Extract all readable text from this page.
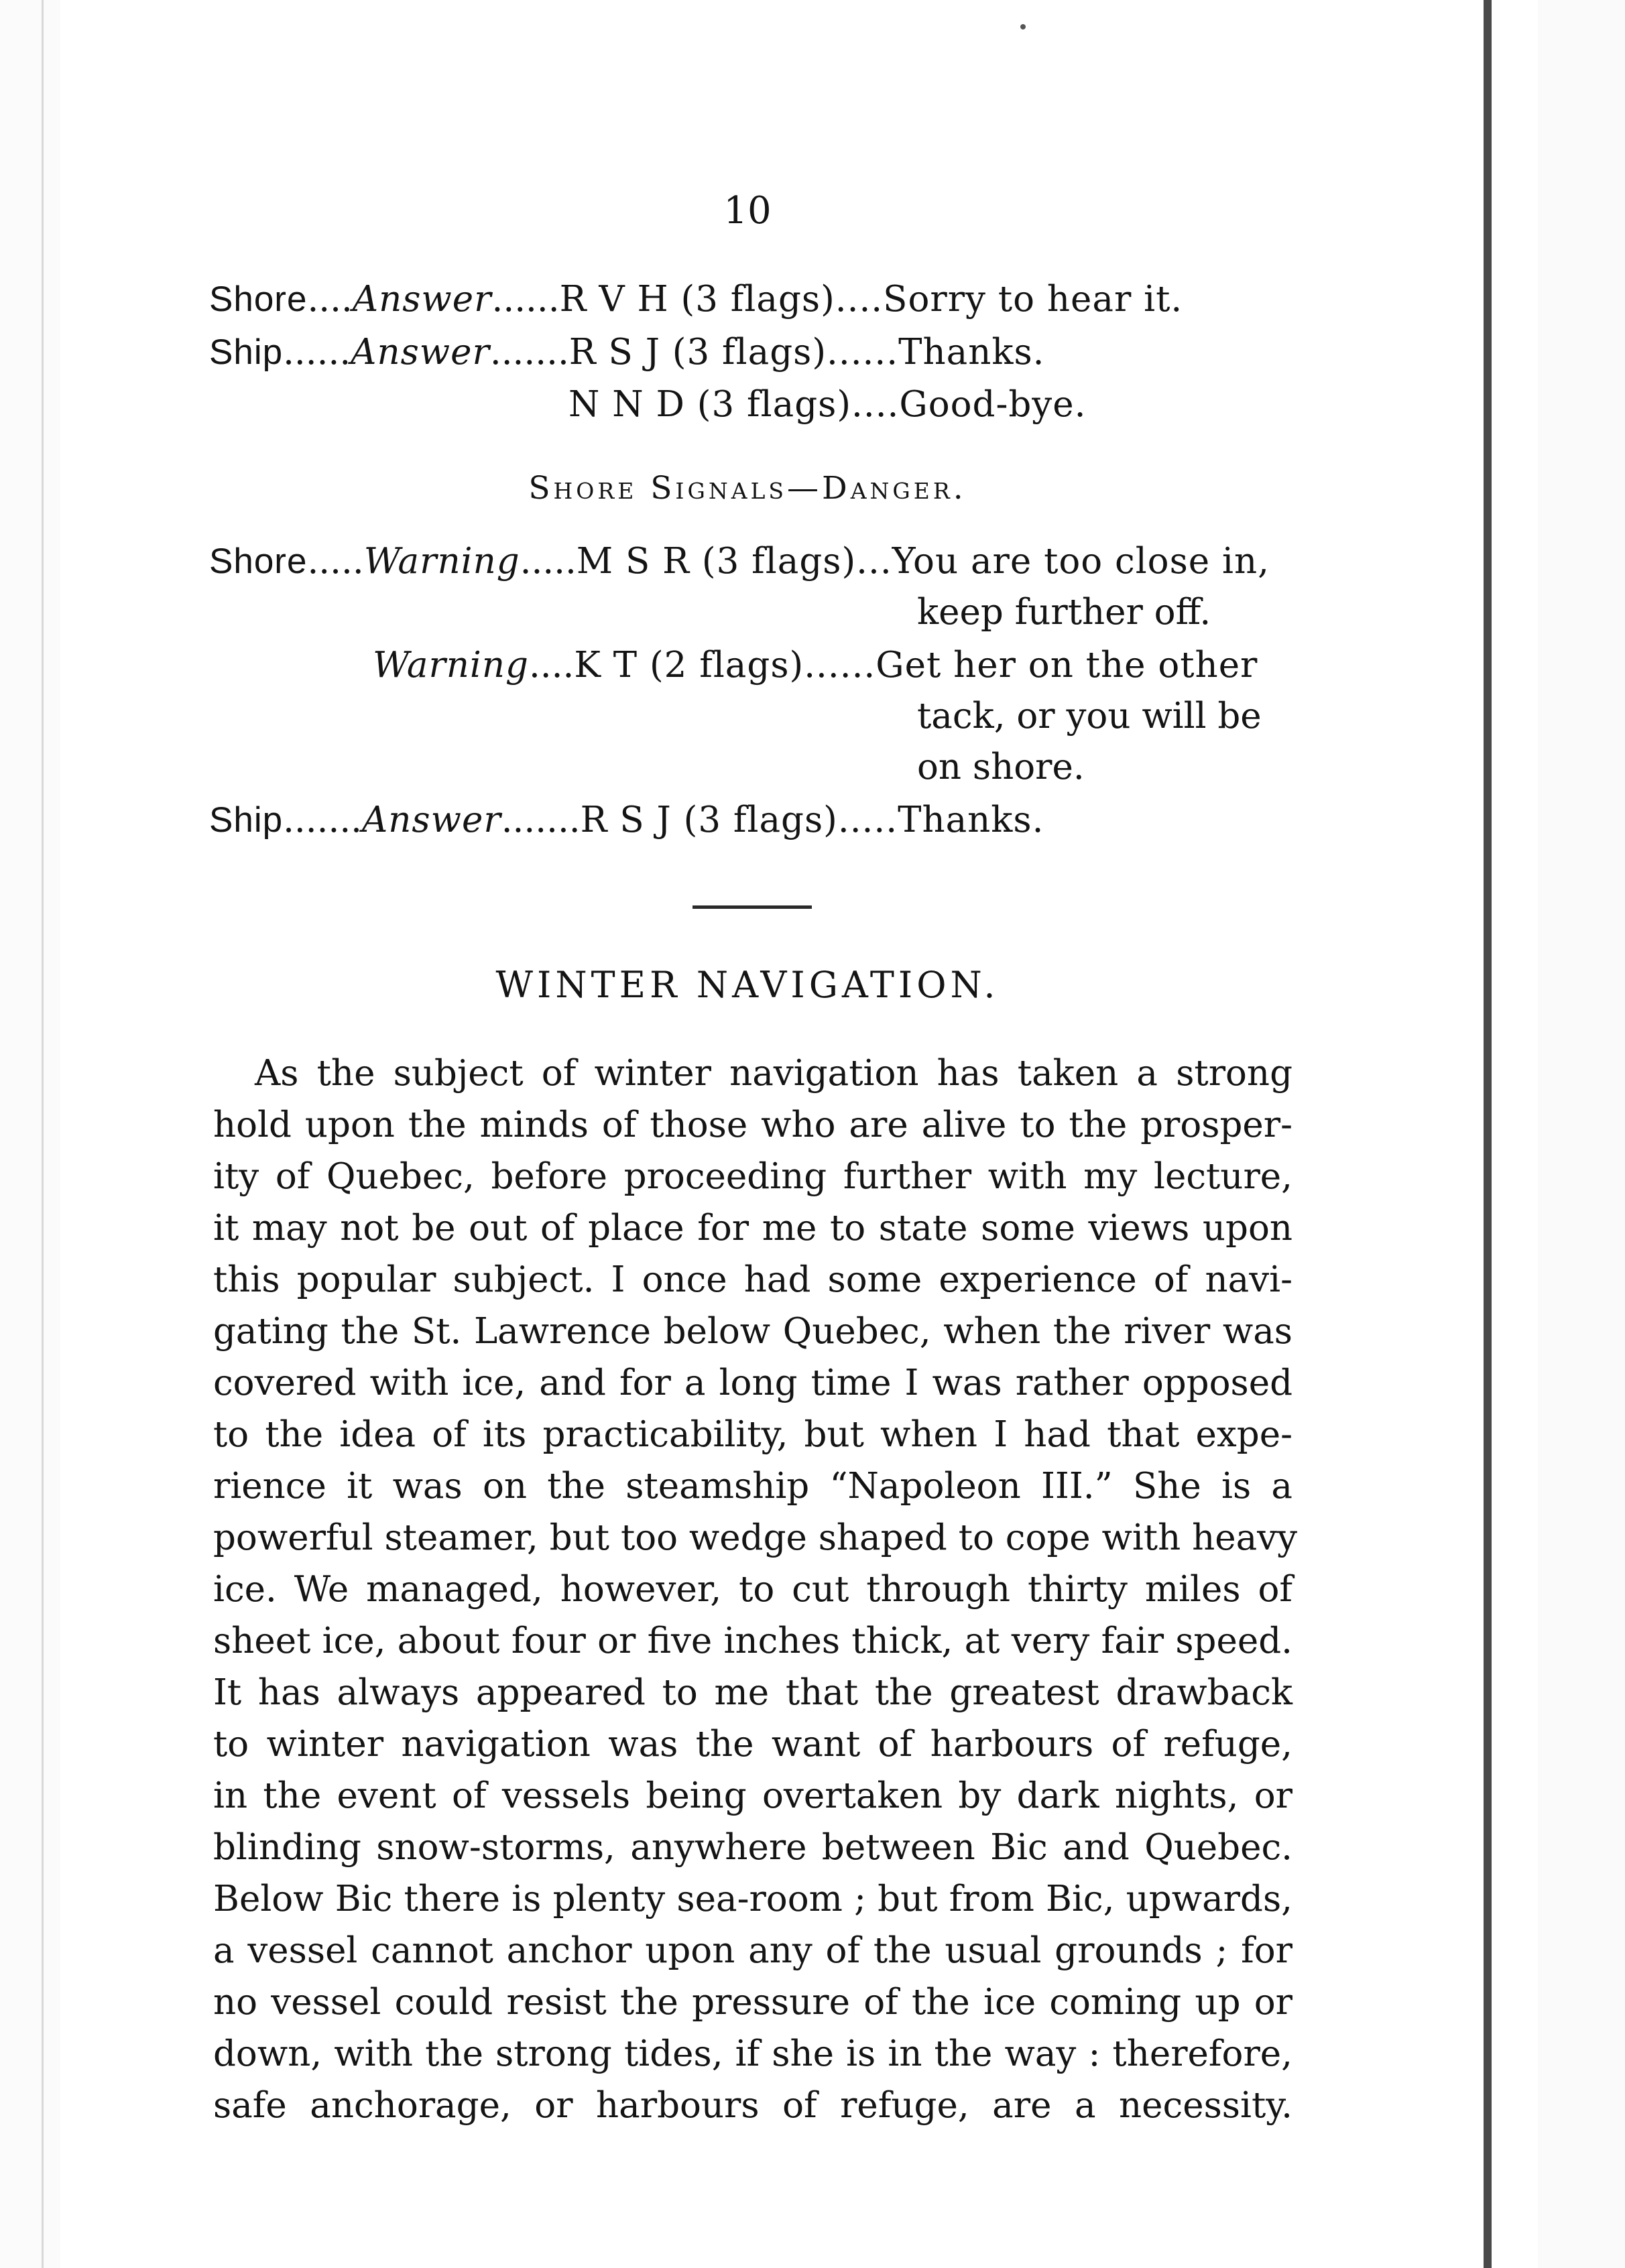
10
Shore....Answer......R V H (3 flags)....Sorry to hear it.
Ship......Answer.......R S J (3 flags)......Thanks.
N N D (3 flags)....Good-bye.
Shore Signals—Danger.
Shore.....Warning.....M S R (3 flags)...You are too close in,
keep further off.
Warning....K T (2 flags)......Get her on the other
tack, or you will be
on shore.
Ship.......Answer.......R S J (3 flags).....Thanks.
WINTER NAVIGATION.
As the subject of winter navigation has taken a strong
hold upon the minds of those who are alive to the prosper-
ity of Quebec, before proceeding further with my lecture,
it may not be out of place for me to state some views upon
this popular subject. I once had some experience of navi-
gating the St. Lawrence below Quebec, when the river was
covered with ice, and for a long time I was rather opposed
to the idea of its practicability, but when I had that expe-
rience it was on the steamship “Napoleon III.” She is a
powerful steamer, but too wedge shaped to cope with heavy
ice. We managed, however, to cut through thirty miles of
sheet ice, about four or five inches thick, at very fair speed.
It has always appeared to me that the greatest drawback
to winter navigation was the want of harbours of refuge,
in the event of vessels being overtaken by dark nights, or
blinding snow-storms, anywhere between Bic and Quebec.
Below Bic there is plenty sea-room ; but from Bic, upwards,
a vessel cannot anchor upon any of the usual grounds ; for
no vessel could resist the pressure of the ice coming up or
down, with the strong tides, if she is in the way : therefore,
safe anchorage, or harbours of refuge, are a necessity.
